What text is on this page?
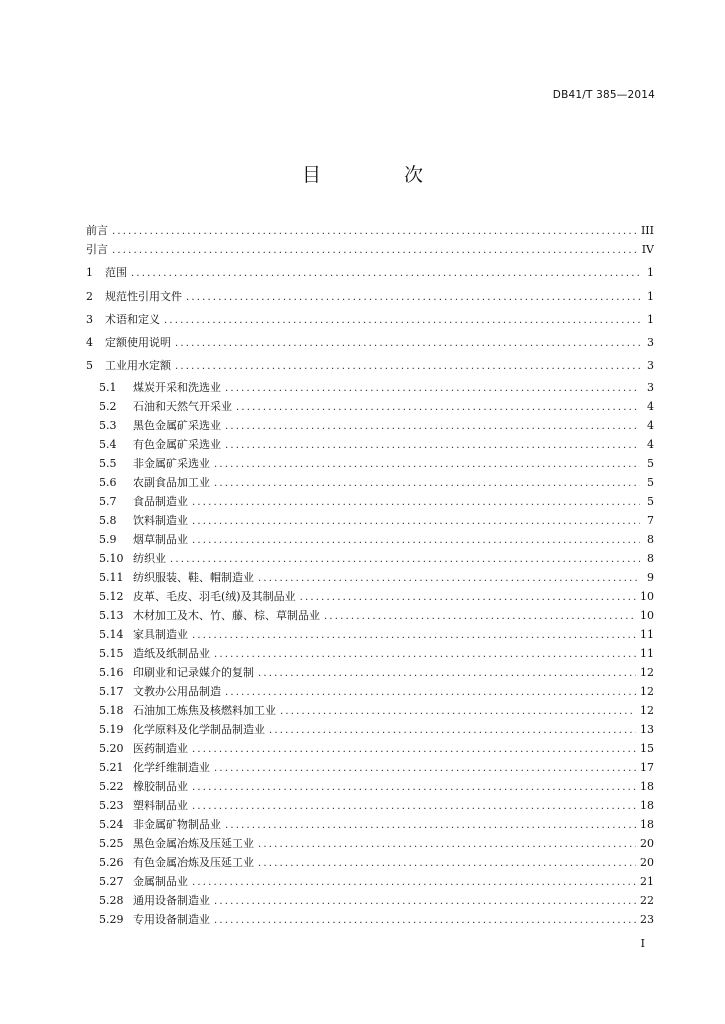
DB41/T 385—2014
目　次
前言 .....	III
引言 .....	IV
1	范围 .....	1
2	规范性引用文件 .....	1
3	术语和定义 .....	1
4	定额使用说明 .....	3
5	工业用水定额 .....	3
5.1	煤炭开采和洗选业 .....	3
5.2	石油和天然气开采业 .....	4
5.3	黑色金属矿采选业 .....	4
5.4	有色金属矿采选业 .....	4
5.5	非金属矿采选业 .....	5
5.6	农副食品加工业 .....	5
5.7	食品制造业 .....	5
5.8	饮料制造业 .....	7
5.9	烟草制品业 .....	8
5.10 纺织业 .....	8
5.11 纺织服装、鞋、帽制造业 .....	9
5.12 皮革、毛皮、羽毛(绒)及其制品业 .....	10
5.13 木材加工及木、竹、藤、棕、草制品业 .....	10
5.14 家具制造业 .....	11
5.15 造纸及纸制品业 .....	11
5.16 印刷业和记录媒介的复制 .....	12
5.17 文教办公用品制造 .....	12
5.18 石油加工炼焦及核燃料加工业 .....	12
5.19 化学原料及化学制品制造业 .....	13
5.20 医药制造业 .....	15
5.21 化学纤维制造业 .....	17
5.22 橡胶制品业 .....	18
5.23 塑料制品业 .....	18
5.24 非金属矿物制品业 .....	18
5.25 黑色金属冶炼及压延工业 .....	20
5.26 有色金属冶炼及压延工业 .....	20
5.27 金属制品业 .....	21
5.28 通用设备制造业 .....	22
5.29 专用设备制造业 .....	23
I
